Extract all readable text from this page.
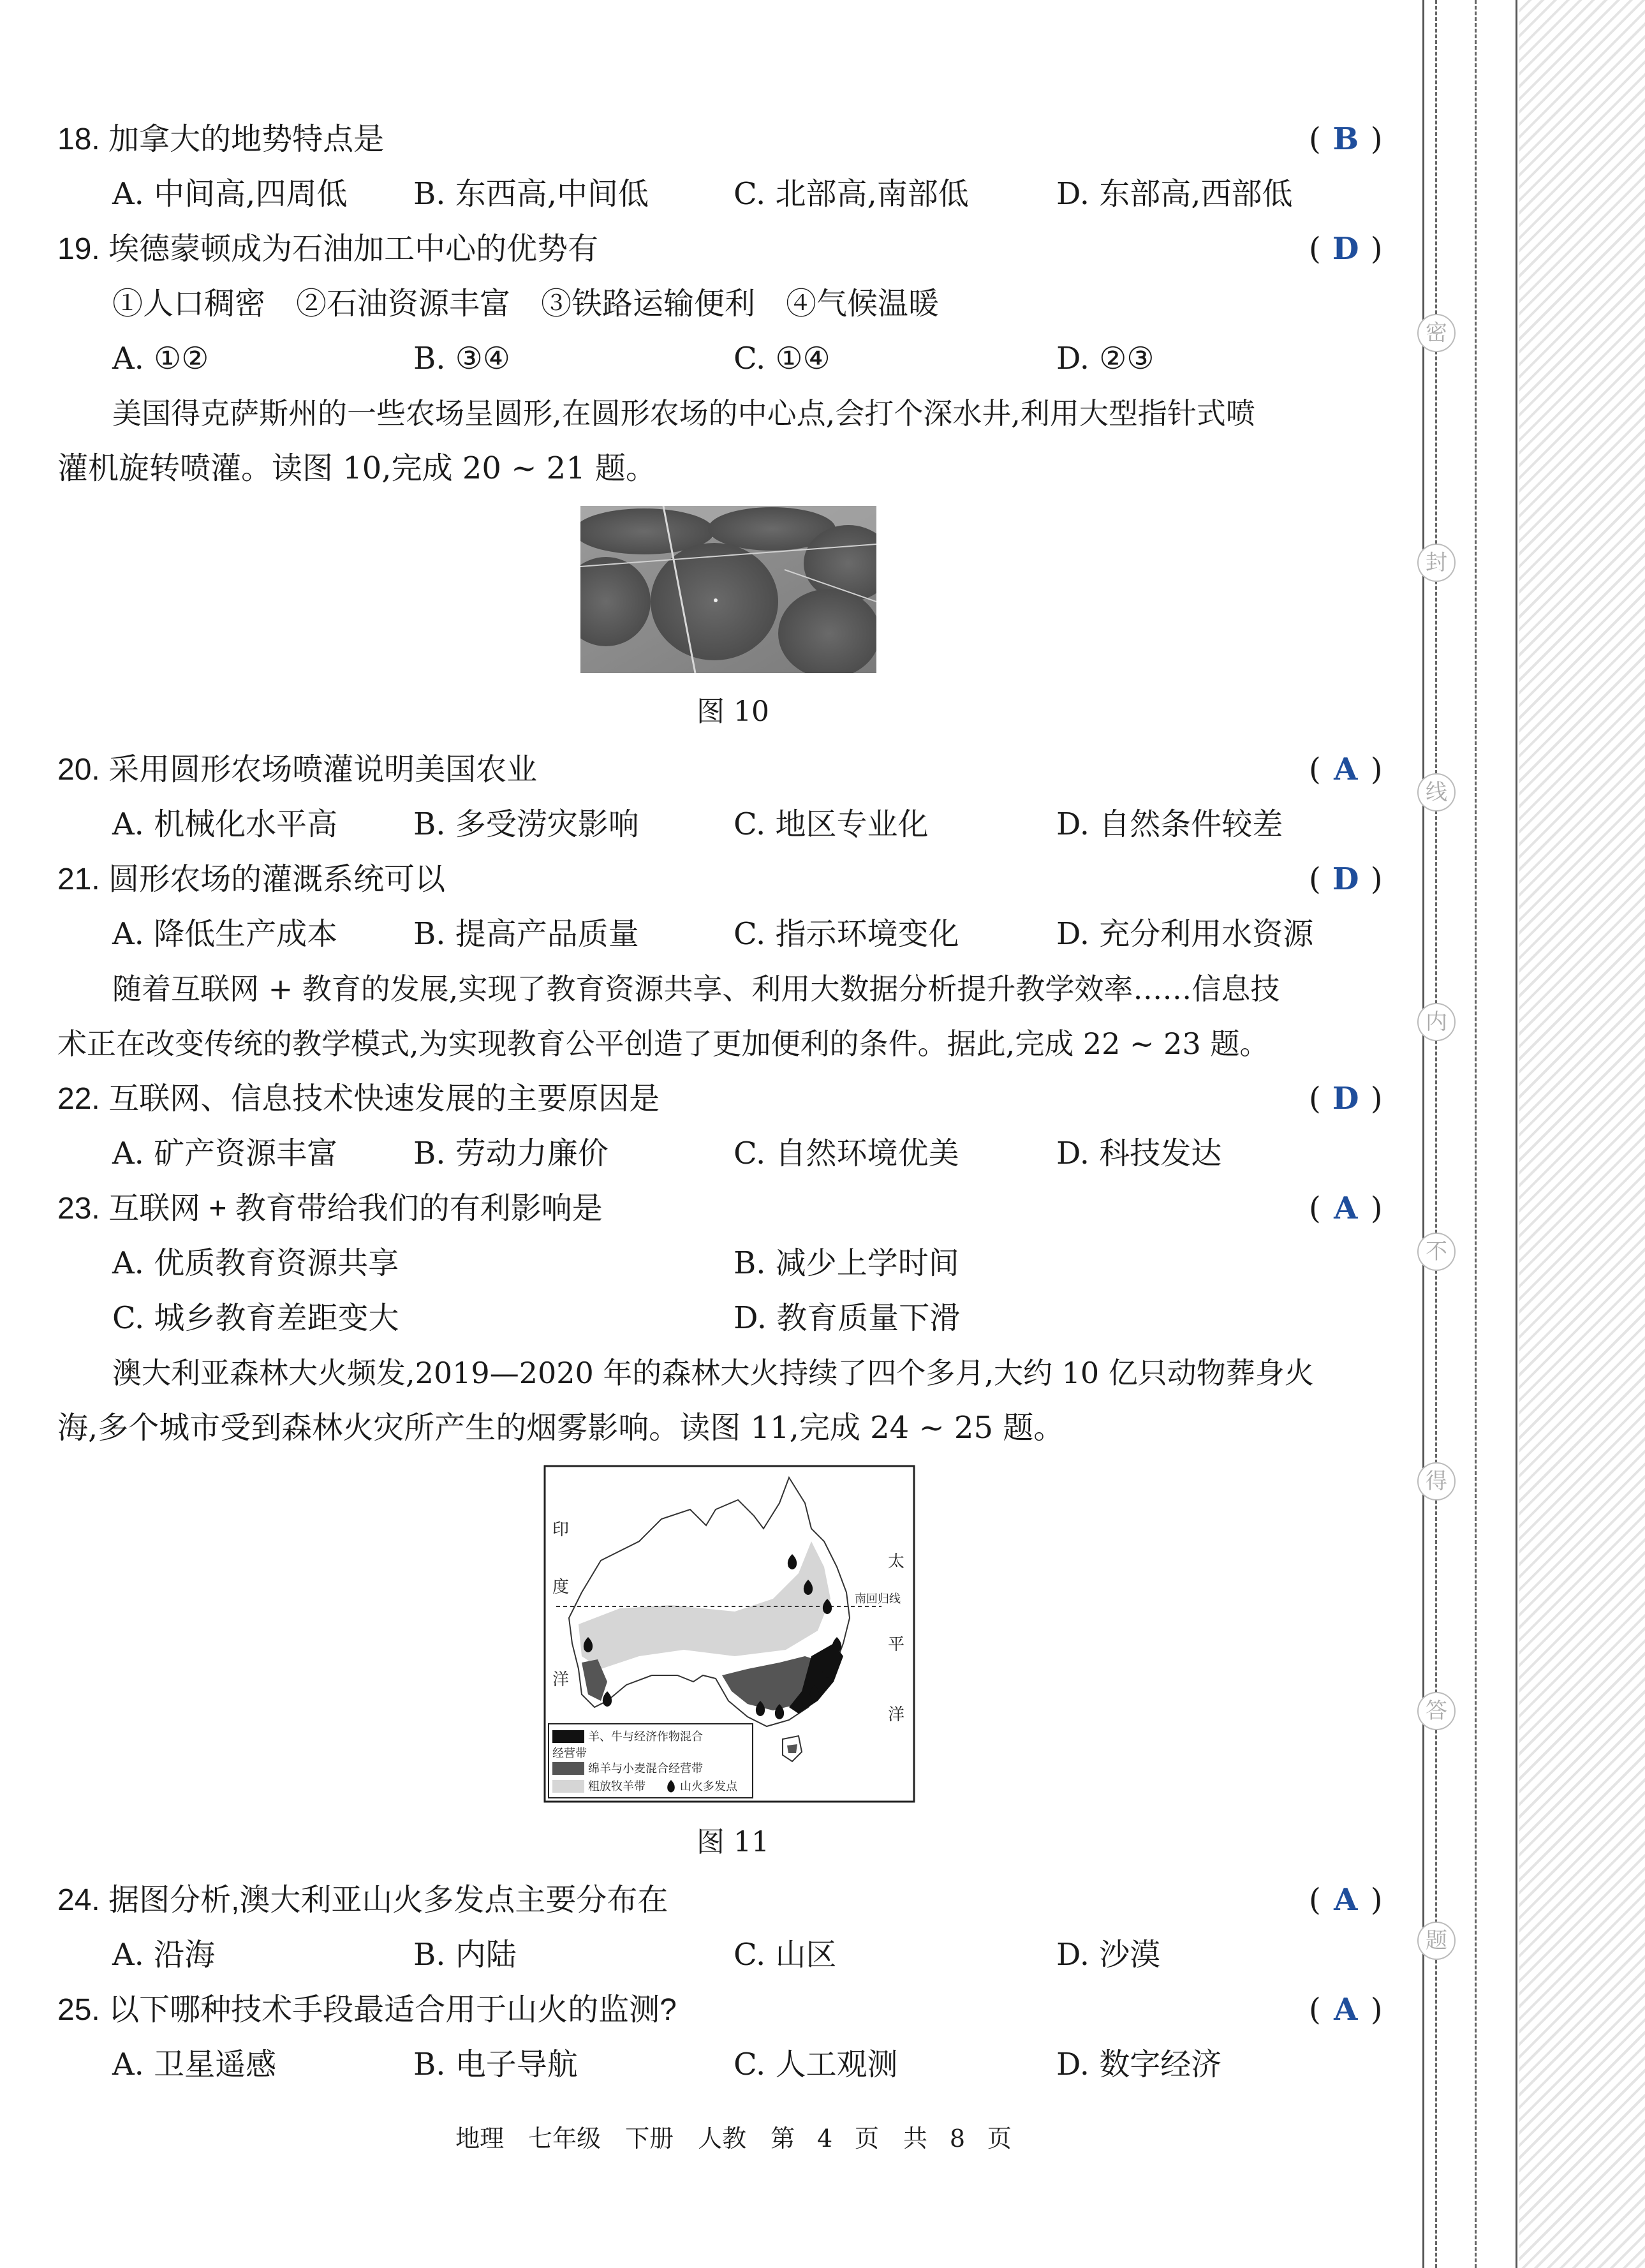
18. 加拿大的地势特点是	( B )
A. 中间高,四周低 B. 东西高,中间低	C. 北部高,南部低	D. 东部高,西部低
19. 埃德蒙顿成为石油加工中心的优势有	( D )
①人口稠密　②石油资源丰富　③铁路运输便利　④气候温暖
A. ①②	B. ③④	C. ①④	D. ②③
美国得克萨斯州的一些农场呈圆形,在圆形农场的中心点,会打个深水井,利用大型指针式喷
灌机旋转喷灌。读图 10,完成 20 ~ 21 题。
图 10
20. 采用圆形农场喷灌说明美国农业	( A )
A. 机械化水平高 B. 多受涝灾影响	C. 地区专业化	D. 自然条件较差
21. 圆形农场的灌溉系统可以	( D )
A. 降低生产成本 B. 提高产品质量	C. 指示环境变化	D. 充分利用水资源
随着互联网 + 教育的发展,实现了教育资源共享、利用大数据分析提升教学效率……信息技
术正在改变传统的教学模式,为实现教育公平创造了更加便利的条件。据此,完成 22 ~ 23 题。
22. 互联网、信息技术快速发展的主要原因是	( D )
A. 矿产资源丰富 B. 劳动力廉价	C. 自然环境优美	D. 科技发达
23. 互联网 + 教育带给我们的有利影响是	( A )
A. 优质教育资源共享	B. 减少上学时间
C. 城乡教育差距变大	D. 教育质量下滑
澳大利亚森林大火频发,2019—2020 年的森林大火持续了四个多月,大约 10 亿只动物葬身火
海,多个城市受到森林火灾所产生的烟雾影响。读图 11,完成 24 ~ 25 题。
印
度
洋
太
平
洋
南回归线
羊、牛与经济作物混合
经营带
绵羊与小麦混合经营带
粗放牧羊带	山火多发点
图 11
24. 据图分析,澳大利亚山火多发点主要分布在	( A )
A. 沿海	B. 内陆	C. 山区	D. 沙漠
25. 以下哪种技术手段最适合用于山火的监测?	( A )
A. 卫星遥感	B. 电子导航	C. 人工观测	D. 数字经济
地理　七年级　下册　人教　第 4 页　共 8 页
密
封
线
内
不
得
答
题
